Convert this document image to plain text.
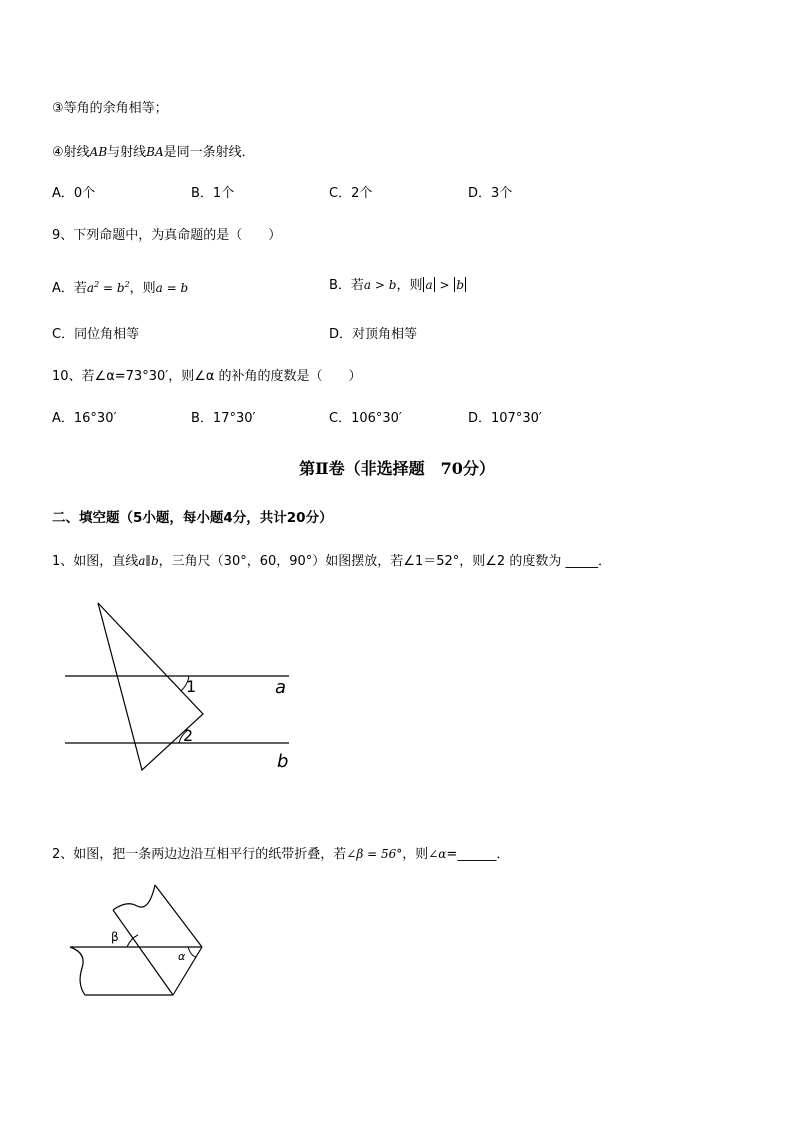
③等角的余角相等；
④射线AB与射线BA是同一条射线．
A．0个	B．1个	C．2个	D．3个
9、下列命题中，为真命题的是（　　）
A．若$a^2 = b^2$，则a = b	B．若a > b，则 a > b
C．同位角相等	D．对顶角相等
10、若∠α=73°30′，则∠α 的补角的度数是（　　）
A．16°30′	B．17°30′	C．106°30′	D．107°30′
第Ⅱ卷（非选择题　70分）
二、填空题（5小题，每小题4分，共计20分）
1、如图，直线a∥b，三角尺（30°，60，90°）如图摆放，若∠1＝52°，则∠2 的度数为 _____．
1
2
a
b
2、如图，把一条两边边沿互相平行的纸带折叠，若∠β = 56°，则∠α=______．
β
α
